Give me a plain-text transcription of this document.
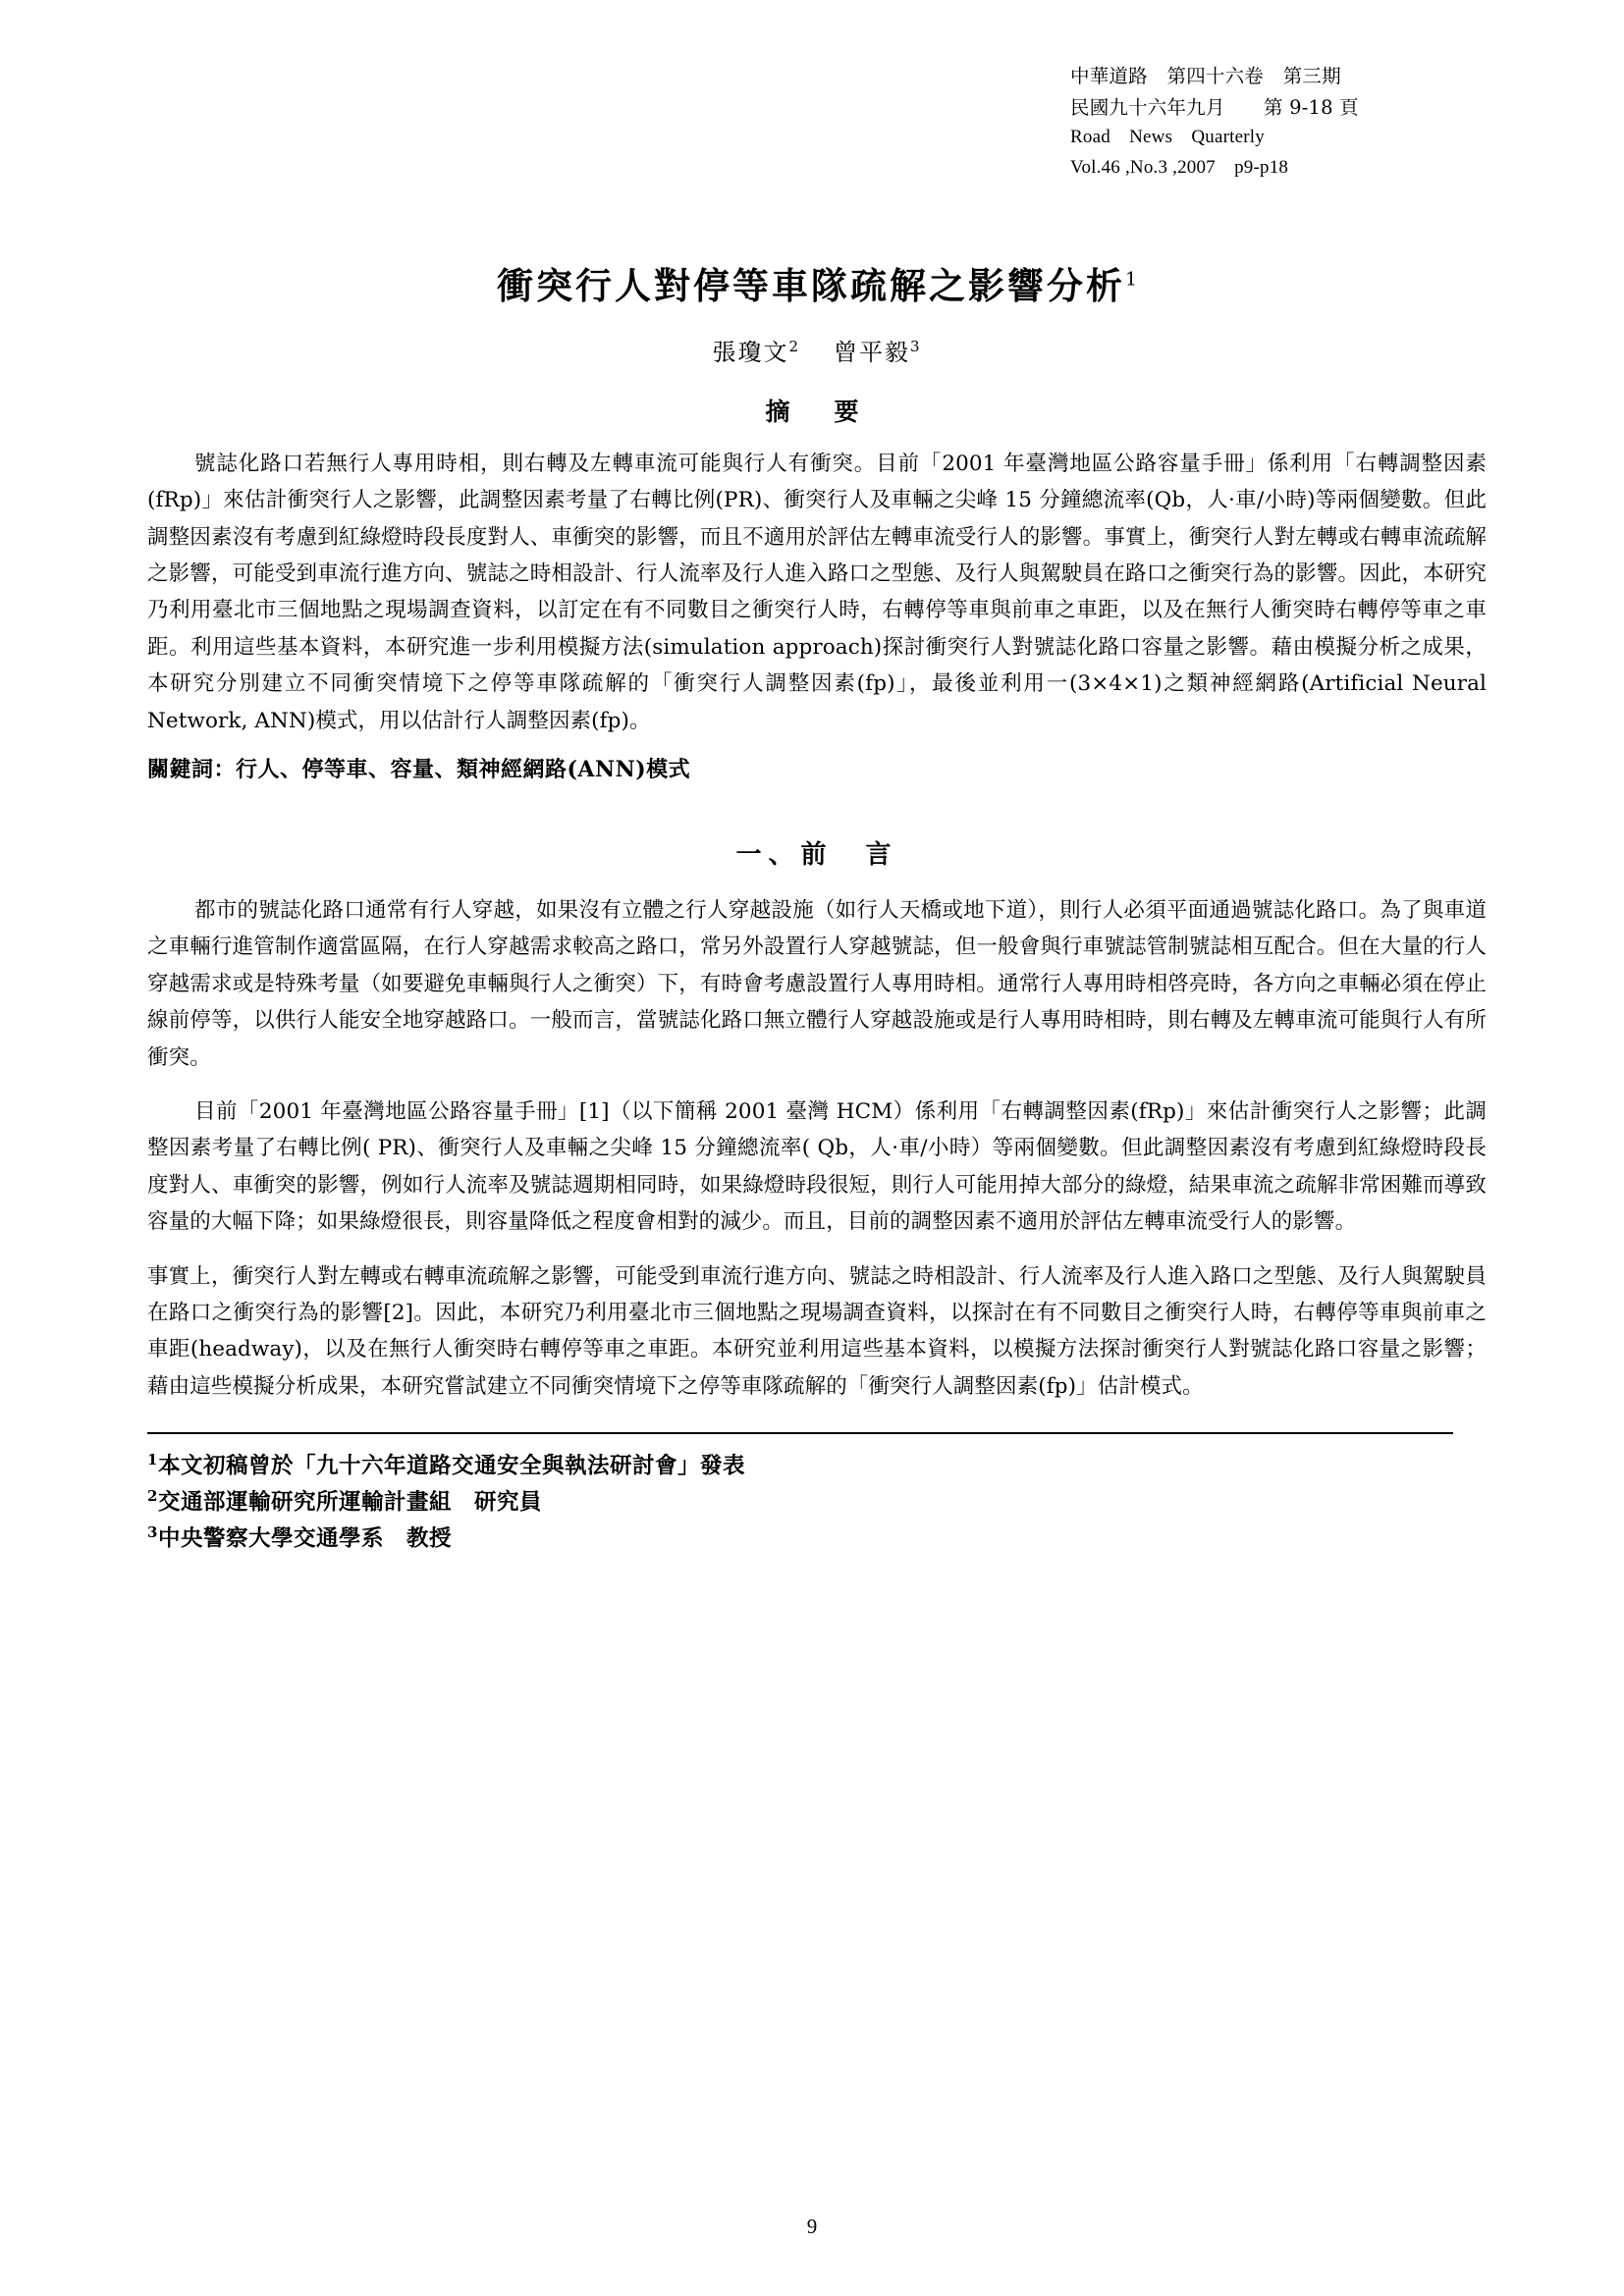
中華道路　第四十六卷　第三期
民國九十六年九月　　第 9-18 頁
Road　News　Quarterly
Vol.46 ,No.3 ,2007　p9-p18
衝突行人對停等車隊疏解之影響分析$^1$
張瓊文$^2$ 曾平毅$^3$
摘　要

號誌化路口若無行人專用時相，則右轉及左轉車流可能與行人有衝突。目前「2001 年臺灣地區公路容量手冊」係利用「右轉調整因素(fRp)」來估計衝突行人之影響，此調整因素考量了右轉比例(PR)、衝突行人及車輛之尖峰 15 分鐘總流率(Qb，人·車/小時)等兩個變數。但此調整因素沒有考慮到紅綠燈時段長度對人、車衝突的影響，而且不適用於評估左轉車流受行人的影響。事實上，衝突行人對左轉或右轉車流疏解之影響，可能受到車流行進方向、號誌之時相設計、行人流率及行人進入路口之型態、及行人與駕駛員在路口之衝突行為的影響。因此，本研究乃利用臺北市三個地點之現場調查資料，以訂定在有不同數目之衝突行人時，右轉停等車與前車之車距，以及在無行人衝突時右轉停等車之車距。利用這些基本資料，本研究進一步利用模擬方法(simulation approach)探討衝突行人對號誌化路口容量之影響。藉由模擬分析之成果，本研究分別建立不同衝突情境下之停等車隊疏解的「衝突行人調整因素(fp)」，最後並利用一(3×4×1)之類神經網路(Artificial Neural Network, ANN)模式，用以估計行人調整因素(fp)。

關鍵詞：行人、停等車、容量、類神經網路(ANN)模式
一、前　言

都市的號誌化路口通常有行人穿越，如果沒有立體之行人穿越設施（如行人天橋或地下道），則行人必須平面通過號誌化路口。為了與車道之車輛行進管制作適當區隔，在行人穿越需求較高之路口，常另外設置行人穿越號誌，但一般會與行車號誌管制號誌相互配合。但在大量的行人穿越需求或是特殊考量（如要避免車輛與行人之衝突）下，有時會考慮設置行人專用時相。通常行人專用時相啓亮時，各方向之車輛必須在停止線前停等，以供行人能安全地穿越路口。一般而言，當號誌化路口無立體行人穿越設施或是行人專用時相時，則右轉及左轉車流可能與行人有所衝突。

目前「2001 年臺灣地區公路容量手冊」[1]（以下簡稱 2001 臺灣 HCM）係利用「右轉調整因素(fRp)」來估計衝突行人之影響；此調整因素考量了右轉比例( PR)、衝突行人及車輛之尖峰 15 分鐘總流率( Qb，人·車/小時）等兩個變數。但此調整因素沒有考慮到紅綠燈時段長度對人、車衝突的影響，例如行人流率及號誌週期相同時，如果綠燈時段很短，則行人可能用掉大部分的綠燈，結果車流之疏解非常困難而導致容量的大幅下降；如果綠燈很長，則容量降低之程度會相對的減少。而且，目前的調整因素不適用於評估左轉車流受行人的影響。

事實上，衝突行人對左轉或右轉車流疏解之影響，可能受到車流行進方向、號誌之時相設計、行人流率及行人進入路口之型態、及行人與駕駛員在路口之衝突行為的影響[2]。因此，本研究乃利用臺北市三個地點之現場調查資料，以探討在有不同數目之衝突行人時，右轉停等車與前車之車距(headway)，以及在無行人衝突時右轉停等車之車距。本研究並利用這些基本資料，以模擬方法探討衝突行人對號誌化路口容量之影響；藉由這些模擬分析成果，本研究嘗試建立不同衝突情境下之停等車隊疏解的「衝突行人調整因素(fp)」估計模式。

$^1$本文初稿曾於「九十六年道路交通安全與執法研討會」發表
$^2$交通部運輸研究所運輸計畫組　研究員
$^3$中央警察大學交通學系　教授
9
